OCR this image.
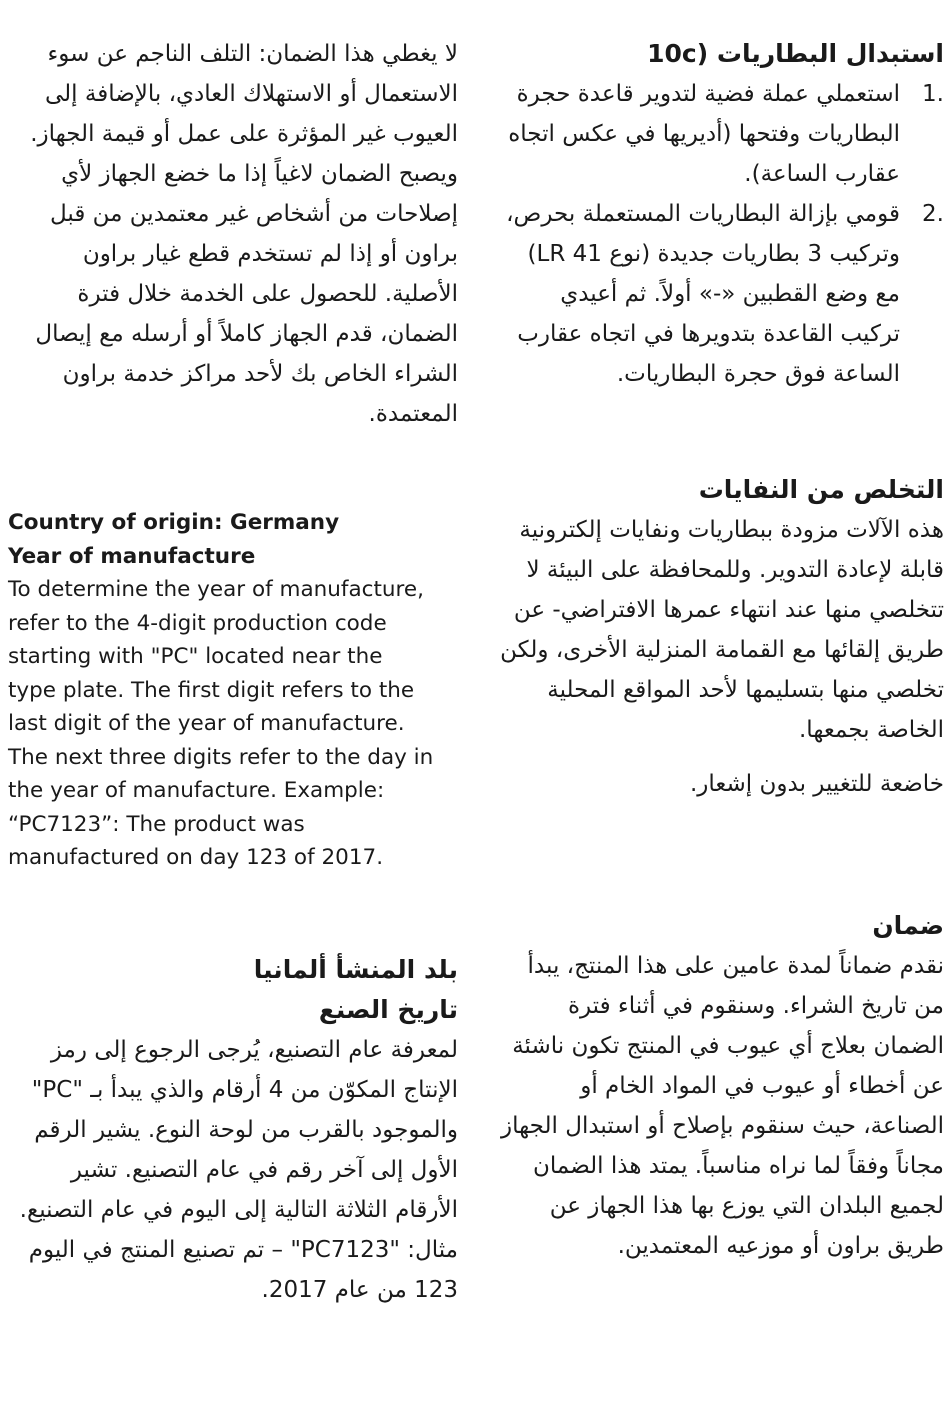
استبدال البطاريات (10c
1.
استعملي عملة فضية لتدوير قاعدة حجرة البطاريات وفتحها (أديريها في عكس اتجاه عقارب الساعة).
2.
قومي بإزالة البطاريات المستعملة بحرص، وتركيب 3 بطاريات جديدة (نوع LR 41) مع وضع القطبين «-» أولاً. ثم أعيدي تركيب القاعدة بتدويرها في اتجاه عقارب الساعة فوق حجرة البطاريات.
التخلص من النفايات
هذه الآلات مزودة ببطاريات ونفايات إلكترونية قابلة لإعادة التدوير. وللمحافظة على البيئة لا تتخلصي منها عند انتهاء عمرها الافتراضي- عن طريق إلقائها مع القمامة المنزلية الأخرى، ولكن تخلصي منها بتسليمها لأحد المواقع المحلية الخاصة بجمعها.
خاضعة للتغيير بدون إشعار.
ضمان
نقدم ضماناً لمدة عامين على هذا المنتج، يبدأ من تاريخ الشراء. وسنقوم في أثناء فترة الضمان بعلاج أي عيوب في المنتج تكون ناشئة عن أخطاء أو عيوب في المواد الخام أو الصناعة، حيث سنقوم بإصلاح أو استبدال الجهاز مجاناً وفقاً لما نراه مناسباً. يمتد هذا الضمان لجميع البلدان التي يوزع بها هذا الجهاز عن طريق براون أو موزعيه المعتمدين.
لا يغطي هذا الضمان: التلف الناجم عن سوء الاستعمال أو الاستهلاك العادي، بالإضافة إلى العيوب غير المؤثرة على عمل أو قيمة الجهاز. ويصبح الضمان لاغياً إذا ما خضع الجهاز لأي إصلاحات من أشخاص غير معتمدين من قبل براون أو إذا لم تستخدم قطع غيار براون الأصلية. للحصول على الخدمة خلال فترة الضمان، قدم الجهاز كاملاً أو أرسله مع إيصال الشراء الخاص بك لأحد مراكز خدمة براون المعتمدة.
Country of origin: Germany
Year of manufacture
To determine the year of manufacture,
refer to the 4-digit production code
starting with "PC" located near the
type plate. The first digit refers to the
last digit of the year of manufacture.
The next three digits refer to the day in
the year of manufacture. Example:
“PC7123”: The product was
manufactured on day 123 of 2017.
بلد المنشأ ألمانيا
تاريخ الصنع
لمعرفة عام التصنيع، يُرجى الرجوع إلى رمز الإنتاج المكوّن من 4 أرقام والذي يبدأ بـ "PC" والموجود بالقرب من لوحة النوع. يشير الرقم الأول إلى آخر رقم في عام التصنيع. تشير الأرقام الثلاثة التالية إلى اليوم في عام التصنيع. مثال: "PC7123" – تم تصنيع المنتج في اليوم 123 من عام 2017.
